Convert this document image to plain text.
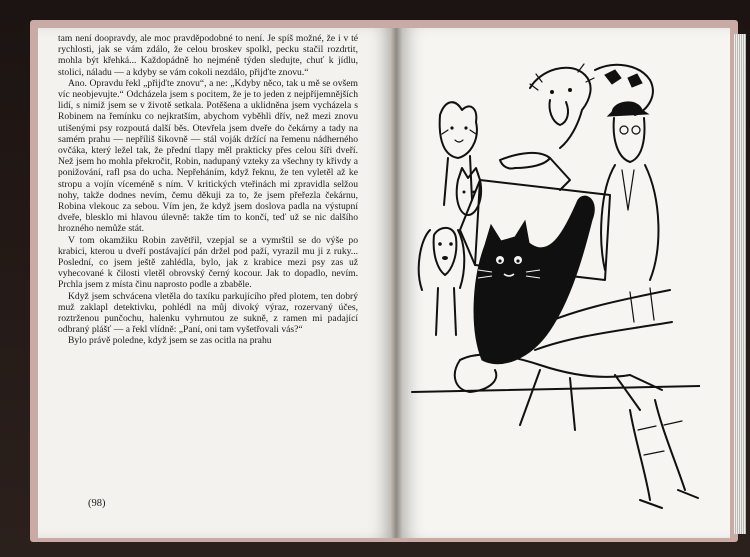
tam není doopravdy, ale moc pravděpodobné to není. Je spíš možné, že i v té rychlosti, jak se vám zdálo, že celou broskev spolkl, pecku stačil rozdrtit, mohla být křehká... Každopádně ho nejméně týden sledujte, chuť k jídlu, stolici, náladu — a kdyby se vám cokoli nezdálo, přijďte znovu.“

Ano. Opravdu řekl „přijďte znovu“, a ne: „Kdyby něco, tak u mě se ovšem víc neobjevujte.“ Odcházela jsem s pocitem, že je to jeden z nejpříjemnějších lidí, s nimiž jsem se v životě setkala. Potěšena a uklidněna jsem vycházela s Robinem na řemínku co nejkratším, abychom vyběhli dřív, než mezi znovu utišenými psy rozpoutá další běs. Otevřela jsem dveře do čekárny a tady na samém prahu — nepříliš šikovně — stál voják držící na řemenu nádherného ovčáka, který ležel tak, že přední tlapy měl prakticky přes celou šíři dveří. Než jsem ho mohla překročit, Robin, nadupaný vzteky za všechny ty křivdy a ponižování, rafl psa do ucha. Nepřeháním, když řeknu, že ten vyletěl až ke stropu a vojín víceméně s ním. V kritických vteřinách mi zpravidla selžou nohy, takže dodnes nevím, čemu děkuji za to, že jsem přeřezla čekárnu, Robina vlekouc za sebou. Vím jen, že když jsem doslova padla na výstupní dveře, blesklo mi hlavou úlevně: takže tím to končí, teď už se nic dalšího hrozného nemůže stát.

V tom okamžiku Robin zavětřil, vzepjal se a vymrštil se do výše po krabici, kterou u dveří postávající pán držel pod paží, vyrazil mu ji z ruky... Poslední, co jsem ještě zahlédla, bylo, jak z krabice mezi psy zas už vyhecované k čilosti vletěl obrovský černý kocour. Jak to dopadlo, nevím. Prchla jsem z místa činu naprosto podle a zbabělе.

Když jsem schvácena vletěla do taxíku parkujícího před plotem, ten dobrý muž zaklapl detektivku, pohlédl na můj divoký výraz, rozervaný účes, roztrženou punčochu, halenku vyhrnutou ze sukně, z ramen mi padající odbraný plášť — a řekl vlídně: „Paní, oni tam vyšetřovali vás?“

Bylo právě poledne, když jsem se zas ocitla na prahu

(98)
